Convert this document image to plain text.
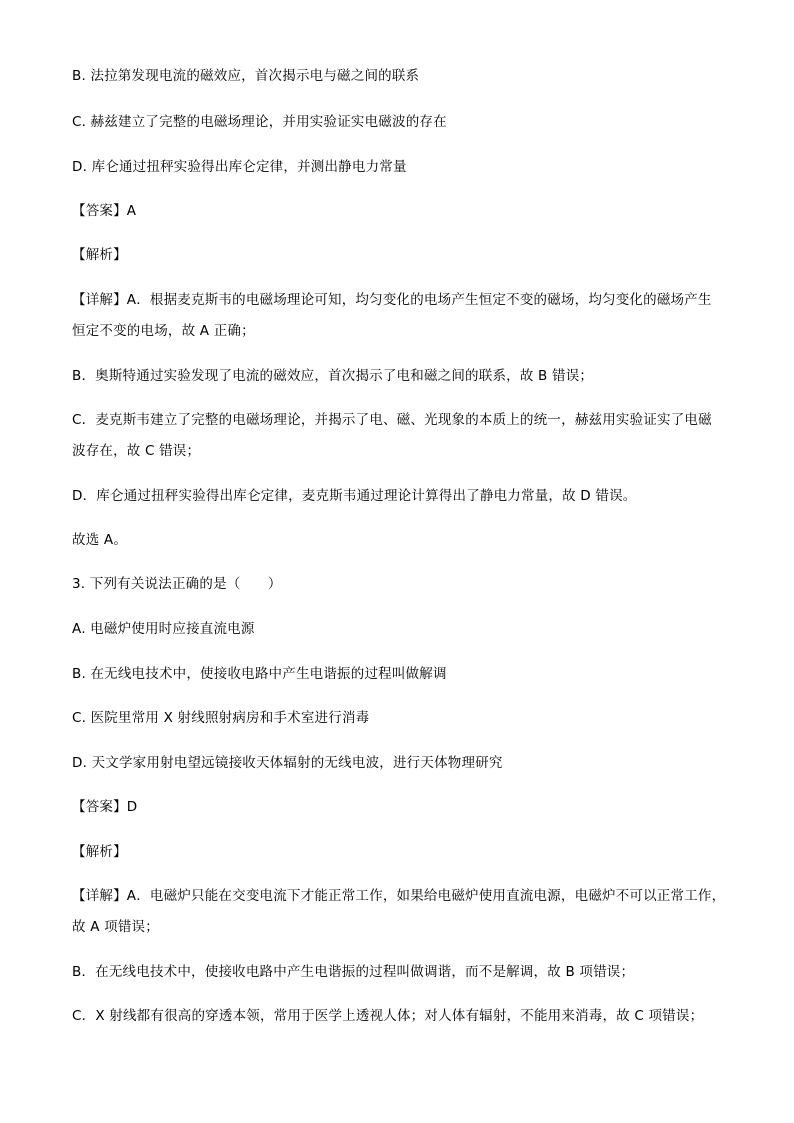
B. 法拉第发现电流的磁效应，首次揭示电与磁之间的联系
C. 赫兹建立了完整的电磁场理论，并用实验证实电磁波的存在
D. 库仑通过扭秤实验得出库仑定律，并测出静电力常量
【答案】A
【解析】
【详解】A．根据麦克斯韦的电磁场理论可知，均匀变化的电场产生恒定不变的磁场，均匀变化的磁场产生
恒定不变的电场，故 A 正确；
B．奥斯特通过实验发现了电流的磁效应，首次揭示了电和磁之间的联系，故 B 错误；
C．麦克斯韦建立了完整的电磁场理论，并揭示了电、磁、光现象的本质上的统一，赫兹用实验证实了电磁
波存在，故 C 错误；
D．库仑通过扭秤实验得出库仑定律，麦克斯韦通过理论计算得出了静电力常量，故 D 错误。
故选 A。
3. 下列有关说法正确的是（　　）
A. 电磁炉使用时应接直流电源
B. 在无线电技术中，使接收电路中产生电谐振的过程叫做解调
C. 医院里常用 X 射线照射病房和手术室进行消毒
D. 天文学家用射电望远镜接收天体辐射的无线电波，进行天体物理研究
【答案】D
【解析】
【详解】A．电磁炉只能在交变电流下才能正常工作，如果给电磁炉使用直流电源，电磁炉不可以正常工作，
故 A 项错误；
B．在无线电技术中，使接收电路中产生电谐振的过程叫做调谐，而不是解调，故 B 项错误；
C．X 射线都有很高的穿透本领，常用于医学上透视人体；对人体有辐射，不能用来消毒，故 C 项错误；
